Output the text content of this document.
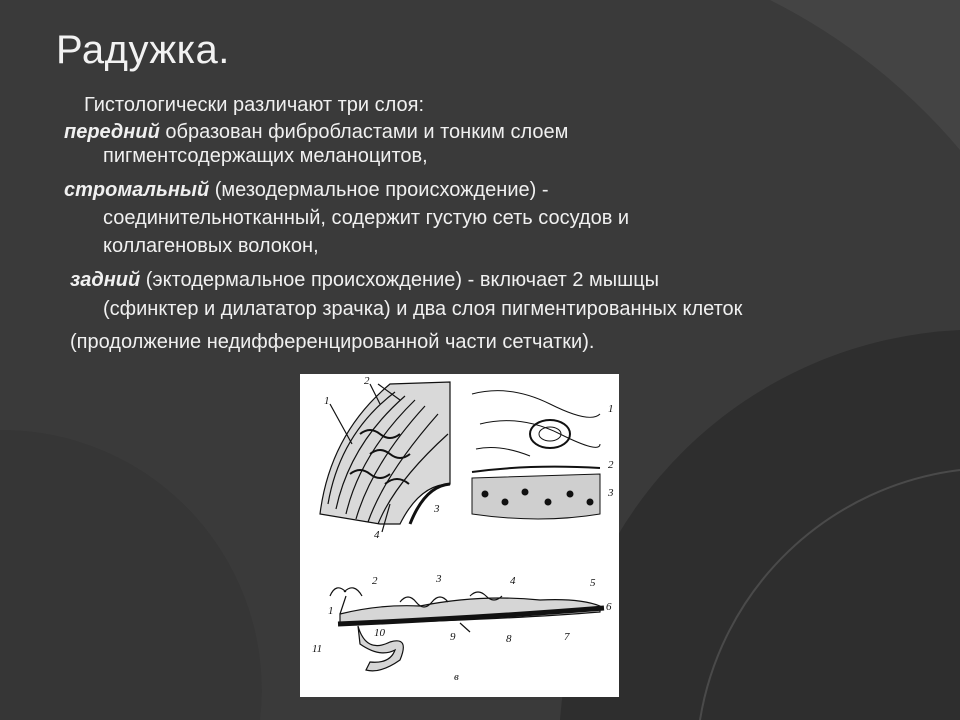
Радужка.
Гистологически различают три слоя:
передний образован фибробластами и тонким слоем
пигментсодержащих меланоцитов,
стромальный (мезодермальное происхождение) -
соединительнотканный, содержит густую сеть сосудов и
коллагеновых волокон,
задний (эктодермальное происхождение) - включает 2 мышцы
(сфинктер и дилататор зрачка) и два слоя пигментированных клеток
(продолжение недифференцированной части сетчатки).
2
1
3
4
1
2
3
1
2	3	4	5
6
7
8
9
10
11
в
